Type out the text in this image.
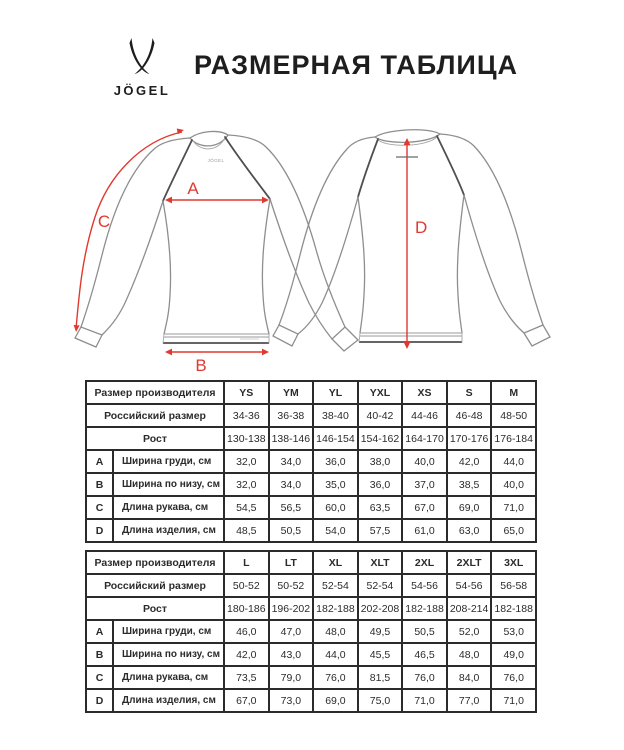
JÖGEL
РАЗМЕРНАЯ ТАБЛИЦА
JÖGEL
A
B
C	D
Размер производителя		YS	YM	YL	YXL	XS	S	M
Российский размер		34-36	36-38	38-40	40-42	44-46	46-48	48-50
Рост		130-138	138-146	146-154	154-162	164-170	170-176	176-184
A	Ширина груди, см	32,0	34,0	36,0	38,0	40,0	42,0	44,0
B	Ширина по низу, см	32,0	34,0	35,0	36,0	37,0	38,5	40,0
C	Длина рукава, см	54,5	56,5	60,0	63,5	67,0	69,0	71,0
D	Длина изделия, см	48,5	50,5	54,0	57,5	61,0	63,0	65,0
Размер производителя		L	LT	XL	XLT	2XL	2XLT	3XL
Российский размер		50-52	50-52	52-54	52-54	54-56	54-56	56-58
Рост		180-186	196-202	182-188	202-208	182-188	208-214	182-188
A	Ширина груди, см	46,0	47,0	48,0	49,5	50,5	52,0	53,0
B	Ширина по низу, см	42,0	43,0	44,0	45,5	46,5	48,0	49,0
C	Длина рукава, см	73,5	79,0	76,0	81,5	76,0	84,0	76,0
D	Длина изделия, см	67,0	73,0	69,0	75,0	71,0	77,0	71,0
